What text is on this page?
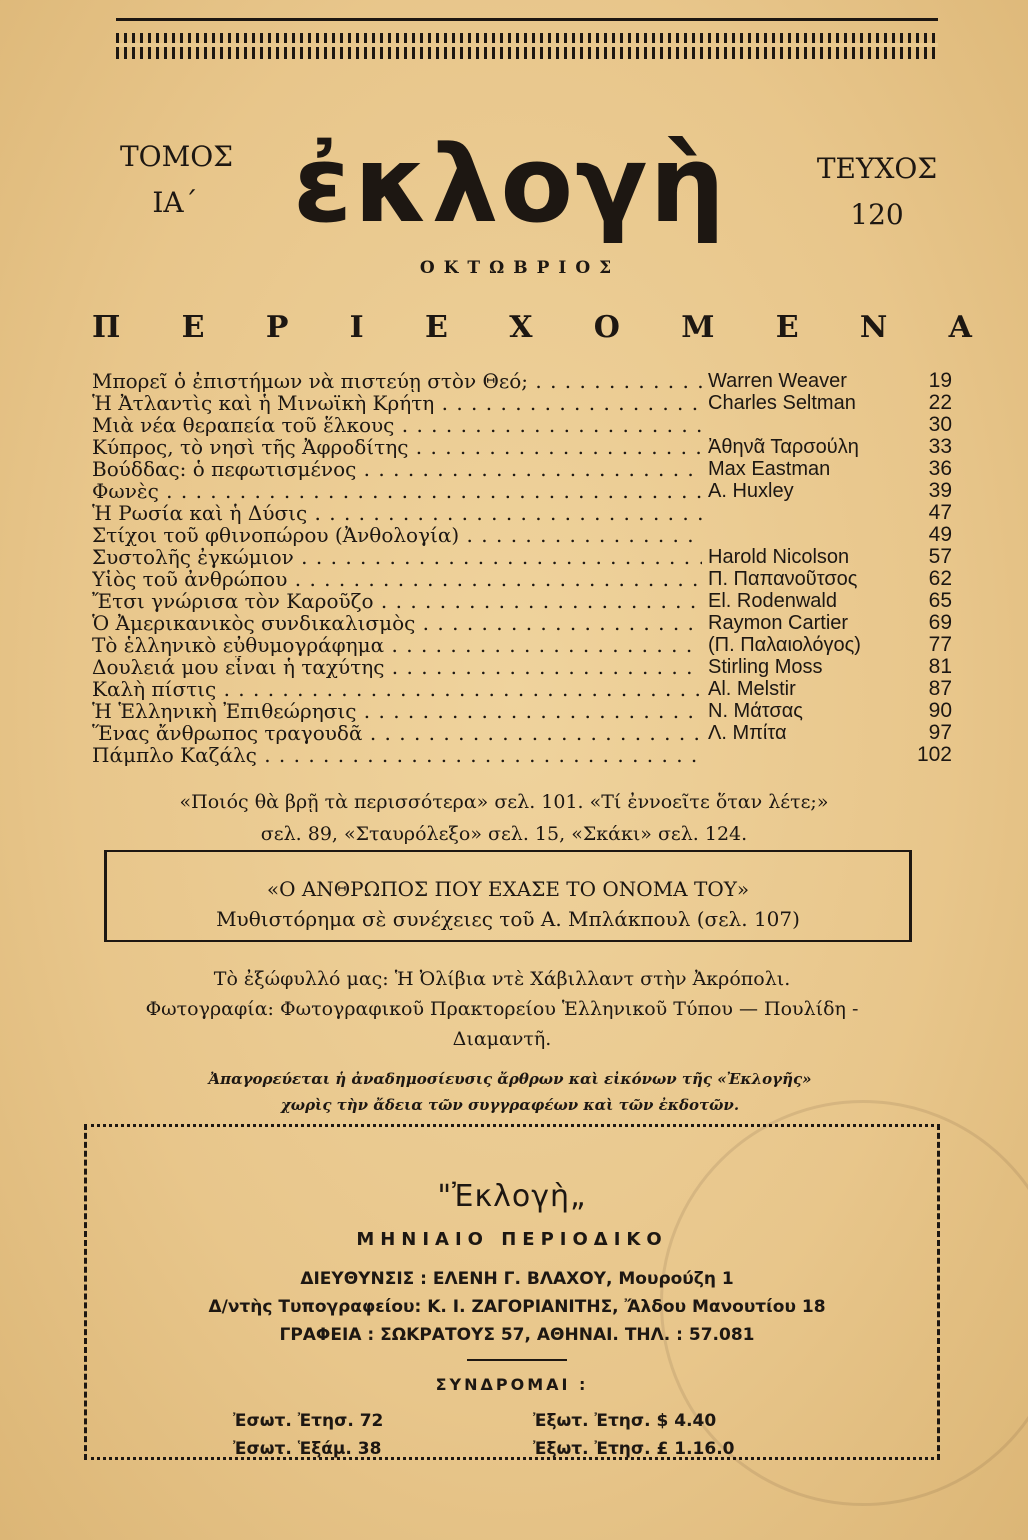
ΤΟΜΟΣ
ΙΑ΄ ἐκλογὴ	ΤΕΥΧΟΣ
120
ΟΚΤΩΒΡΙΟΣ
Π Ε Ρ Ι Ε Χ Ο Μ Ε Ν Α
Μπορεῖ ὁ ἐπιστήμων νὰ πιστεύῃ στὸν Θεό; . . .	Warren Weaver	19
Ἡ Ἀτλαντὶς καὶ ἡ Μινωϊκὴ Κρήτη . . .	Charles Seltman	22
Μιὰ νέα θεραπεία τοῦ ἕλκους . . .	30
Κύπρος, τὸ νησὶ τῆς Ἀφροδίτης . . .	Ἀθηνᾶ Ταρσούλη	33
Βούδδας: ὁ πεφωτισμένος . . .	Max Eastman	36
Φωνὲς . . .	A. Huxley	39
Ἡ Ρωσία καὶ ἡ Δύσις . . .	47
Στίχοι τοῦ φθινοπώρου (Ἀνθολογία) . . .	49
Συστολῆς ἐγκώμιον . . .	Harold Nicolson	57
Υἱὸς τοῦ ἀνθρώπου . . .	Π. Παπανοῦτσος	62
Ἔτσι γνώρισα τὸν Καροῦζο . . .	El. Rodenwald	65
Ὁ Ἀμερικανικὸς συνδικαλισμὸς . . .	Raymon Cartier	69
Τὸ ἑλληνικὸ εὐθυμογράφημα . . .	(Π. Παλαιολόγος)	77
Δουλειά μου εἶναι ἡ ταχύτης . . .	Stirling Moss	81
Καλὴ πίστις . . .	Al. Melstir	87
Ἡ Ἑλληνικὴ Ἐπιθεώρησις . . .	Ν. Μάτσας	90
Ἕνας ἄνθρωπος τραγουδᾶ . . .	Λ. Μπίτα	97
Πάμπλο Καζάλς . . .	102
«Ποιός θὰ βρῇ τὰ περισσότερα» σελ. 101. «Τί ἐννοεῖτε ὅταν λέτε;»
σελ. 89, «Σταυρόλεξο» σελ. 15, «Σκάκι» σελ. 124.
«Ο ΑΝΘΡΩΠΟΣ ΠΟΥ ΕΧΑΣΕ ΤΟ ΟΝΟΜΑ ΤΟΥ»
Μυθιστόρημα σὲ συνέχειες τοῦ Α. Μπλάκπουλ (σελ. 107)
Τὸ ἐξώφυλλό μας: Ἡ Ὀλίβια ντὲ Χάβιλλαντ στὴν Ἀκρόπολι.
Φωτογραφία: Φωτογραφικοῦ Πρακτορείου Ἑλληνικοῦ Τύπου — Πουλίδη -
Διαμαντῆ.
Ἀπαγορεύεται ἡ ἀναδημοσίευσις ἄρθρων καὶ εἰκόνων τῆς «Ἐκλογῆς»
χωρὶς τὴν ἄδεια τῶν συγγραφέων καὶ τῶν ἐκδοτῶν.
"Ἐκλογὴ„
ΜΗΝΙΑΙΟ ΠΕΡΙΟΔΙΚΟ
ΔΙΕΥΘΥΝΣΙΣ : ΕΛΕΝΗ Γ. ΒΛΑΧΟΥ, Μουρούζη 1
Δ/ντὴς Τυπογραφείου: Κ. Ι. ΖΑΓΟΡΙΑΝΙΤΗΣ, Ἄλδου Μανουτίου 18
ΓΡΑΦΕΙΑ : ΣΩΚΡΑΤΟΥΣ 57, ΑΘΗΝΑΙ. ΤΗΛ. : 57.081
ΣΥΝΔΡΟΜΑΙ :
Ἐσωτ. Ἐτησ. 72	Ἐξωτ. Ἐτησ. $ 4.40
Ἐσωτ. Ἑξάμ. 38	Ἐξωτ. Ἐτησ. £ 1.16.0
